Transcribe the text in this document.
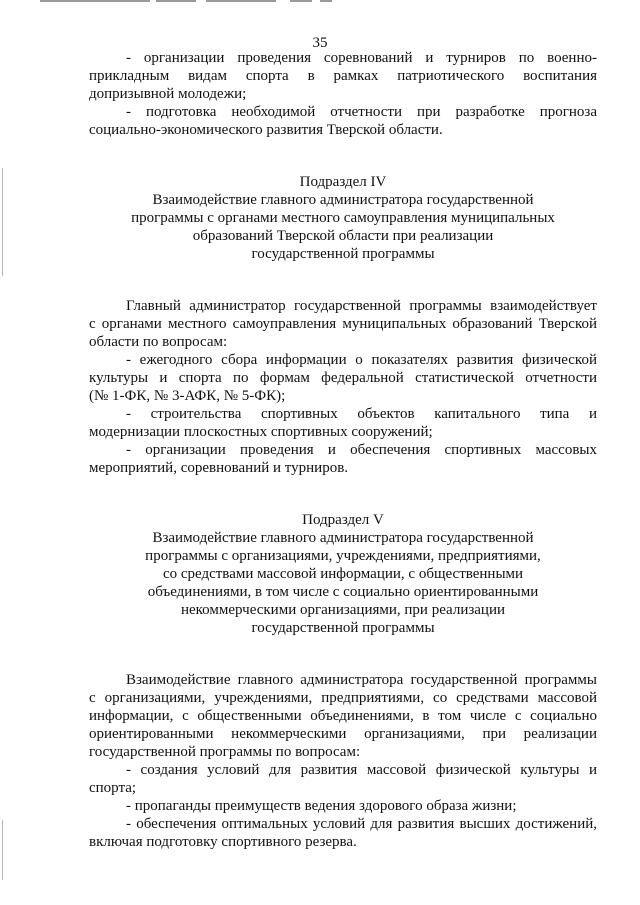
35
- организации проведения соревнований и турниров по военно-
прикладным видам спорта в рамках патриотического воспитания
допризывной молодежи;
- подготовка необходимой отчетности при разработке прогноза
социально-экономического развития Тверской области.
Подраздел IV
Взаимодействие главного администратора государственной
программы с органами местного самоуправления муниципальных
образований Тверской области при реализации
государственной программы
Главный администратор государственной программы взаимодействует
с органами местного самоуправления муниципальных образований Тверской
области по вопросам:
- ежегодного сбора информации о показателях развития физической
культуры и спорта по формам федеральной статистической отчетности
(№ 1-ФК, № 3-АФК, № 5-ФК);
- строительства спортивных объектов капитального типа и
модернизации плоскостных спортивных сооружений;
- организации проведения и обеспечения спортивных массовых
мероприятий, соревнований и турниров.
Подраздел V
Взаимодействие главного администратора государственной
программы с организациями, учреждениями, предприятиями,
со средствами массовой информации, с общественными
объединениями, в том числе с социально ориентированными
некоммерческими организациями, при реализации
государственной программы
Взаимодействие главного администратора государственной программы
с организациями, учреждениями, предприятиями, со средствами массовой
информации, с общественными объединениями, в том числе с социально
ориентированными некоммерческими организациями, при реализации
государственной программы по вопросам:
- создания условий для развития массовой физической культуры и
спорта;
- пропаганды преимуществ ведения здорового образа жизни;
- обеспечения оптимальных условий для развития высших достижений,
включая подготовку спортивного резерва.
